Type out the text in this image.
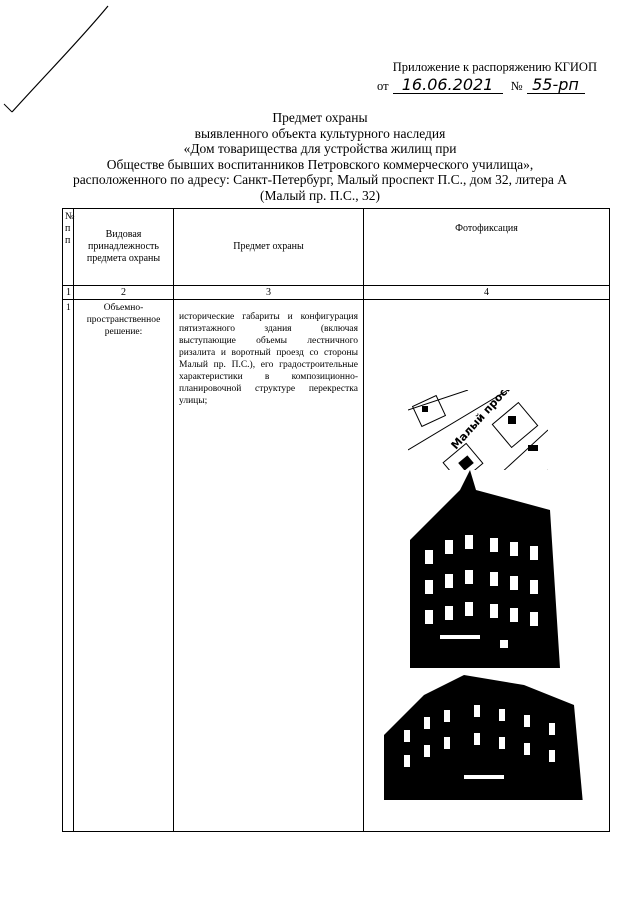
Приложение к распоряжению КГИОП
от 16.06.2021 № 55-рп
Предмет охраны
выявленного объекта культурного наследия
«Дом товарищества для устройства жилищ при
Обществе бывших воспитанников Петровского коммерческого училища»,
расположенного по адресу: Санкт-Петербург, Малый проспект П.С., дом 32, литера А
(Малый пр. П.С., 32)
№ п п	Видовая принадлежность предмета охраны	Предмет охраны	Фотофиксация
1	2	3	4
1	Объемно-пространственное решение:	исторические габариты и конфигурация пятиэтажного здания (включая выступающие объемы лестничного ризалита и воротный проезд со стороны Малый пр. П.С.), его градостроительные характеристики в композиционно-планировочной структуре перекрестка улицы;	
